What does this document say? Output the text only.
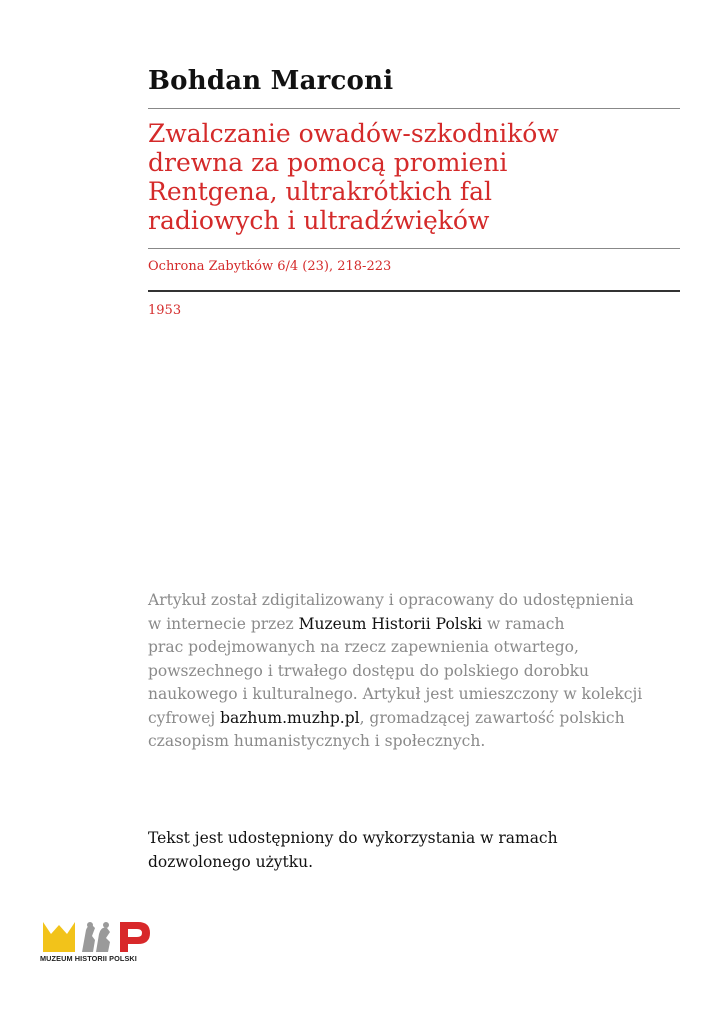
Bohdan Marconi
Zwalczanie owadów-szkodników
drewna za pomocą promieni
Rentgena, ultrakrótkich fal
radiowych i ultradźwięków
Ochrona Zabytków 6/4 (23), 218-223
1953
Artykuł został zdigitalizowany i opracowany do udostępnienia
w internecie przez Muzeum Historii Polski w ramach
prac podejmowanych na rzecz zapewnienia otwartego,
powszechnego i trwałego dostępu do polskiego dorobku
naukowego i kulturalnego. Artykuł jest umieszczony w kolekcji
cyfrowej bazhum.muzhp.pl, gromadzącej zawartość polskich
czasopism humanistycznych i społecznych.
Tekst jest udostępniony do wykorzystania w ramach
dozwolonego użytku.
MUZEUM HISTORII POLSKI
